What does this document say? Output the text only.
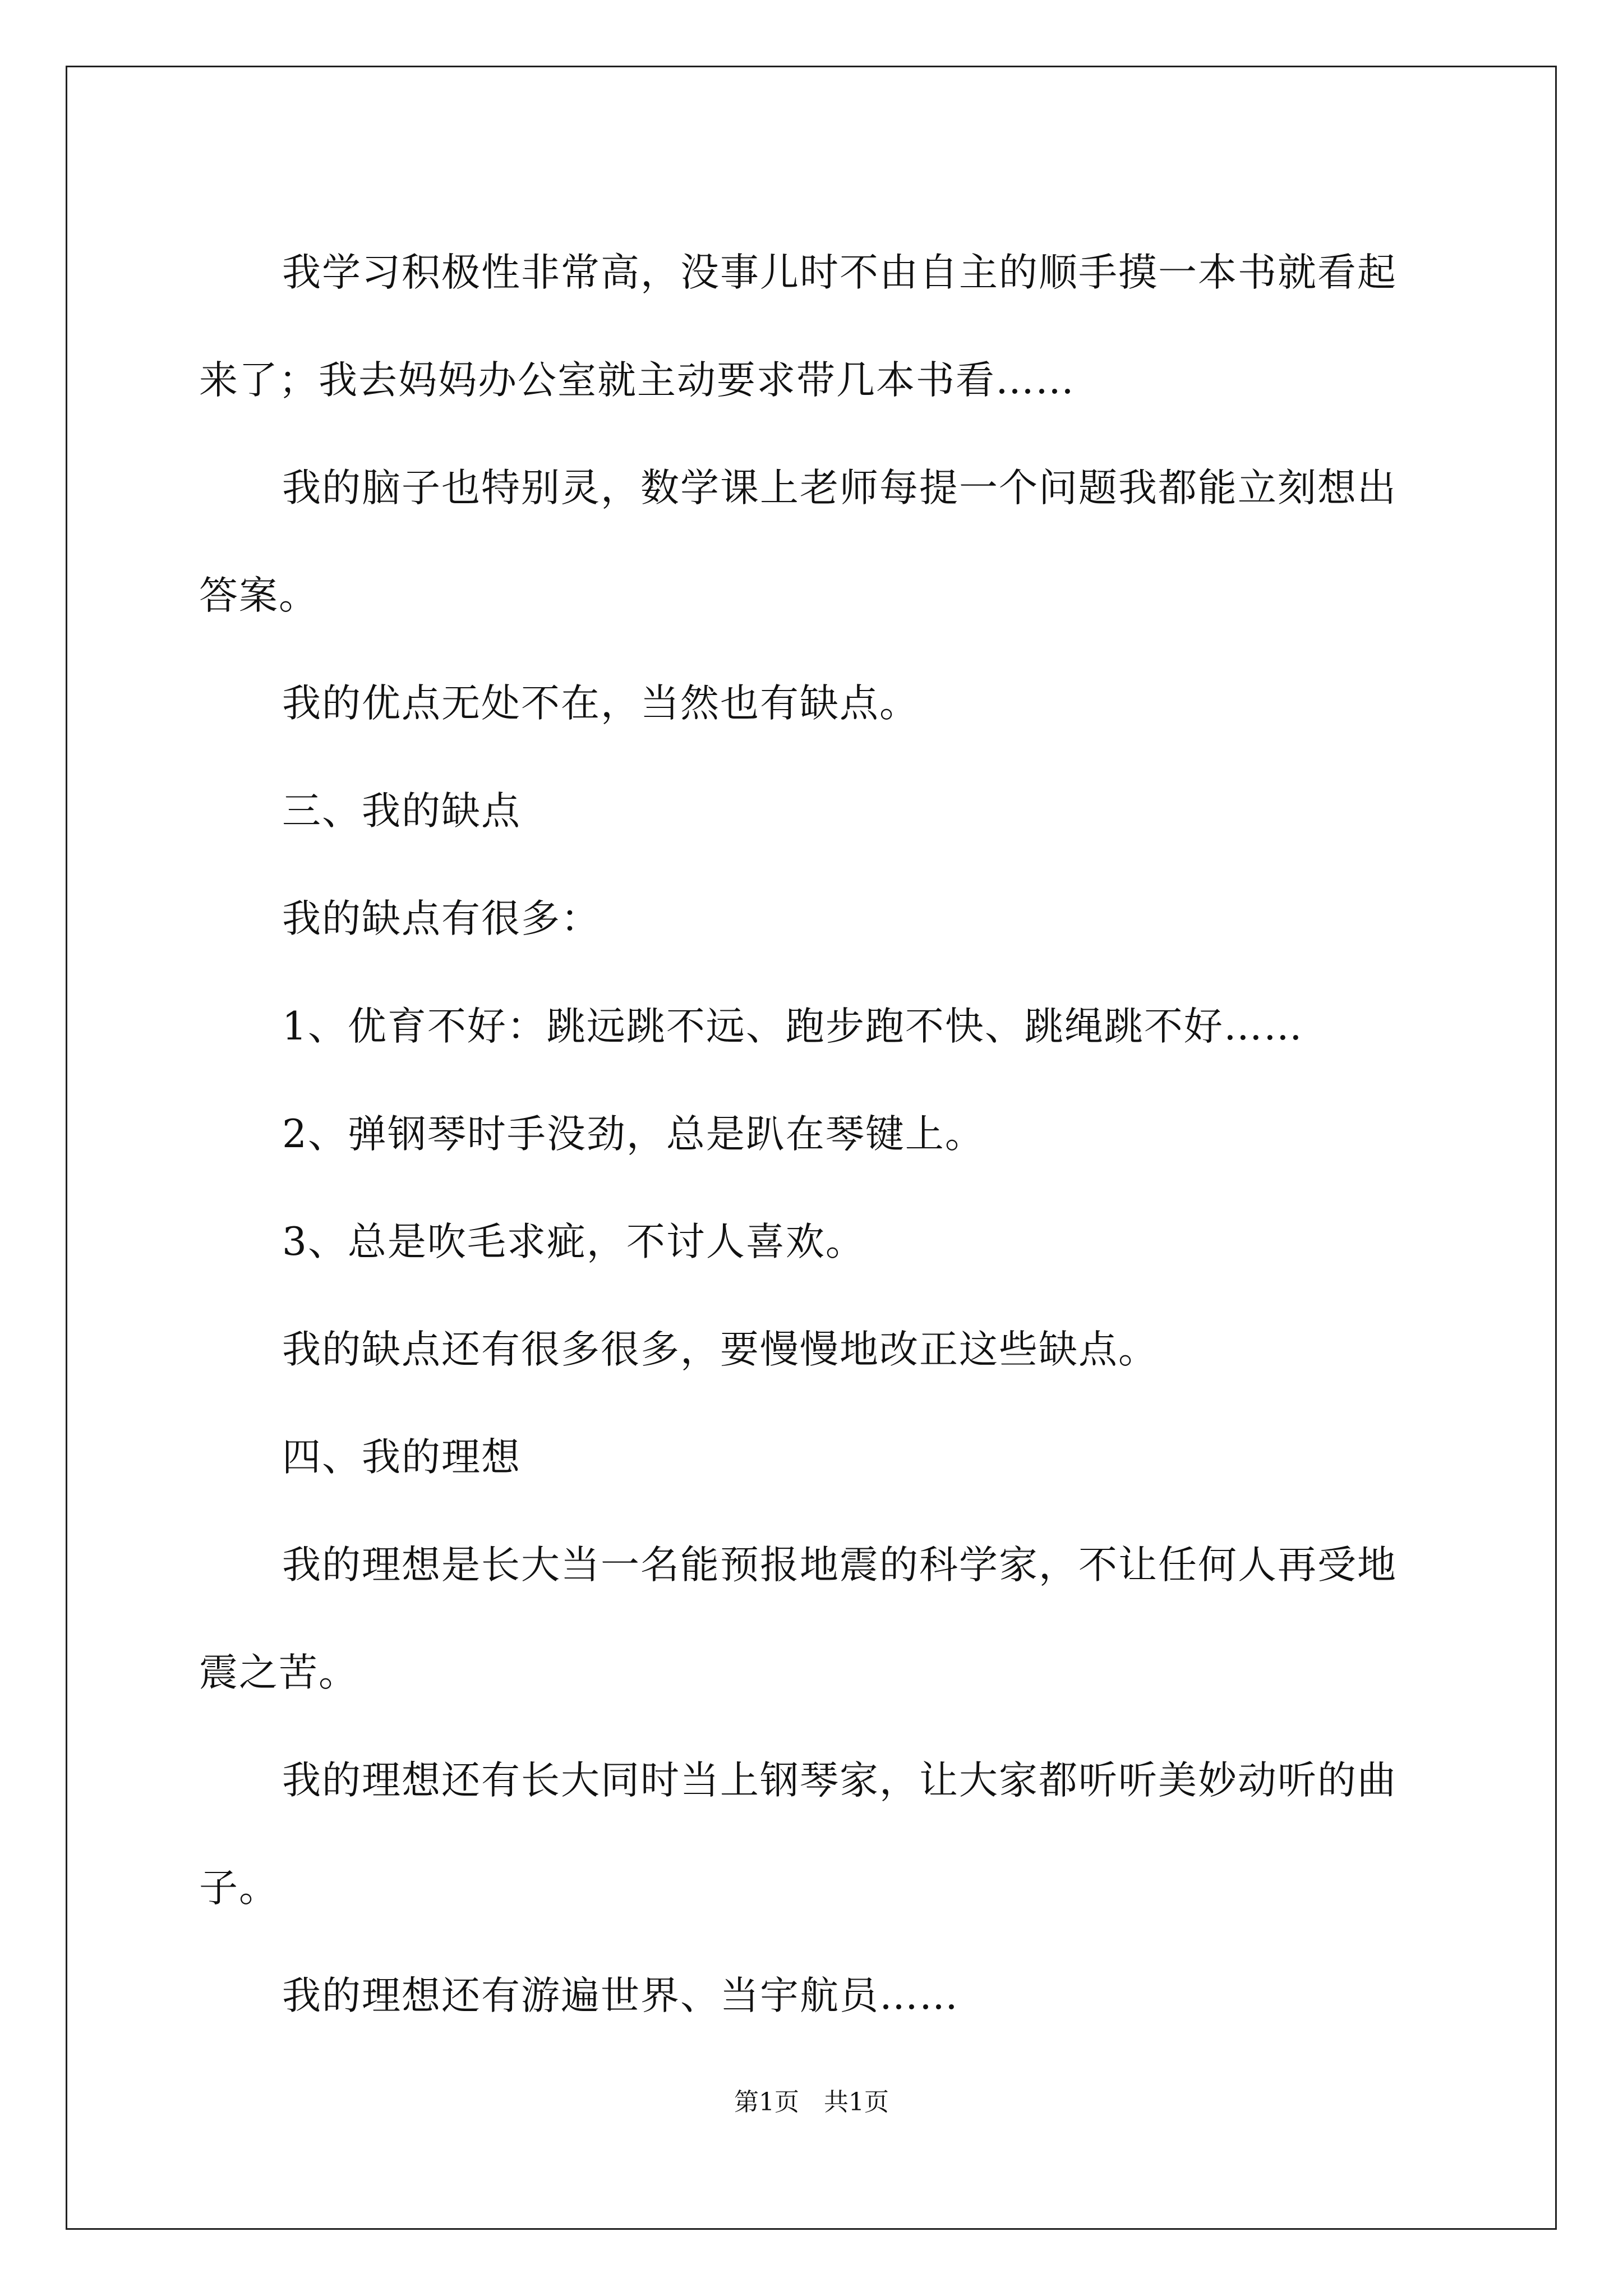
我学习积极性非常高，没事儿时不由自主的顺手摸一本书就看起来了；我去妈妈办公室就主动要求带几本书看……

我的脑子也特别灵，数学课上老师每提一个问题我都能立刻想出答案。

我的优点无处不在，当然也有缺点。

三、我的缺点

我的缺点有很多：

1、优育不好：跳远跳不远、跑步跑不快、跳绳跳不好……

2、弹钢琴时手没劲，总是趴在琴键上。

3、总是吹毛求疵，不讨人喜欢。

我的缺点还有很多很多，要慢慢地改正这些缺点。

四、我的理想

我的理想是长大当一名能预报地震的科学家，不让任何人再受地震之苦。

我的理想还有长大同时当上钢琴家，让大家都听听美妙动听的曲子。

我的理想还有游遍世界、当宇航员……

第1页 共1页
